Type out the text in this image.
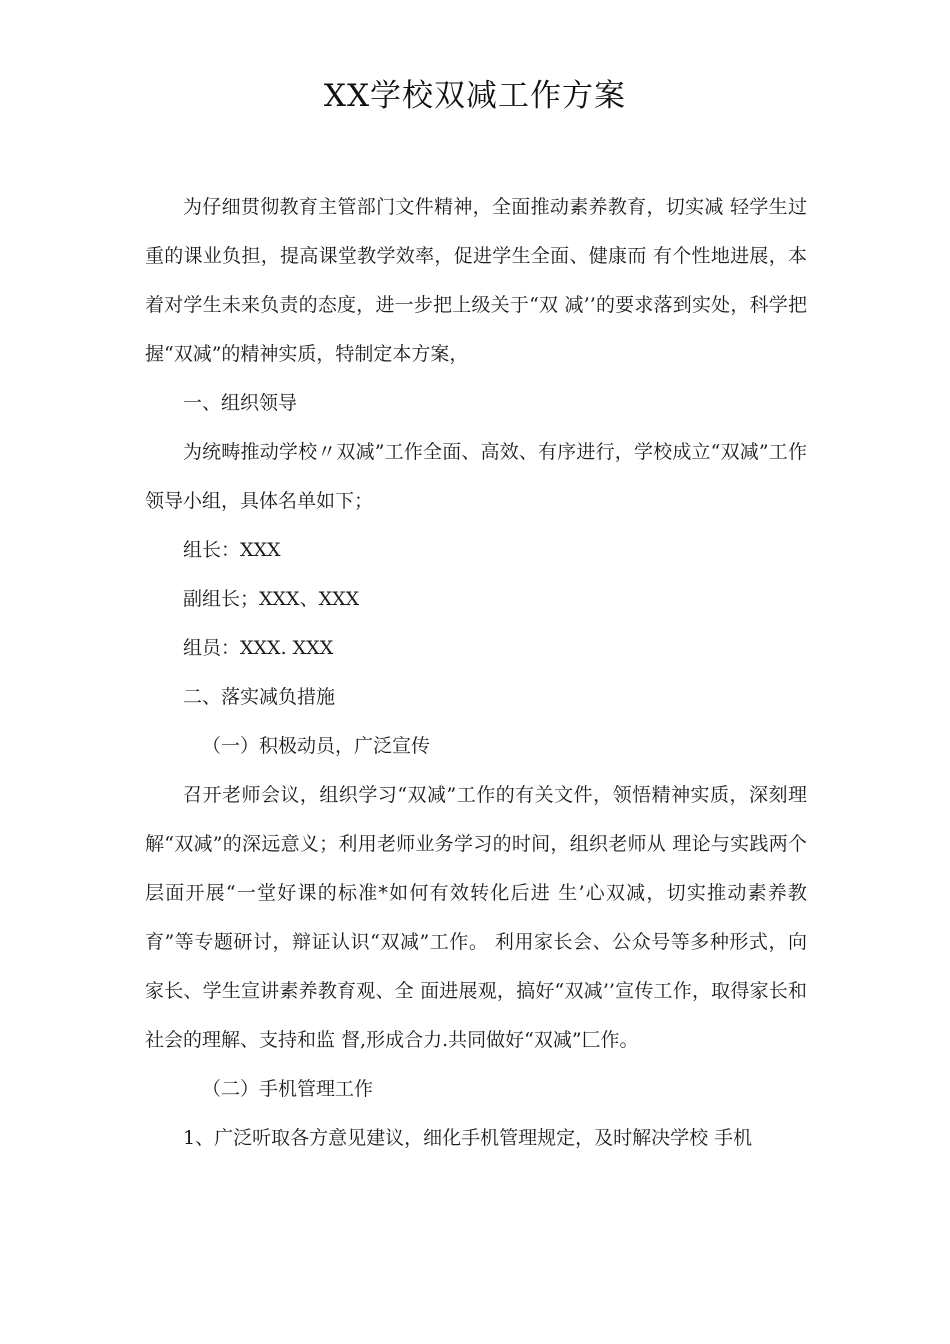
XX学校双减工作方案

为仔细贯彻教育主管部门文件精神，全面推动素养教育，切实减 轻学生过重的课业负担，提高课堂教学效率，促进学生全面、健康而 有个性地进展，本着对学生未来负责的态度，进一步把上级关于“双 减’’的要求落到实处，科学把握“双减”的精神实质，特制定本方案，

一、组织领导

为统畴推动学校〃双减”工作全面、高效、有序进行，学校成立“双减”工作领导小组，具体名单如下；

组长：XXX

副组长；XXX、XXX

组员：XXX. XXX

二、落实减负措施

（一）积极动员，广泛宣传

召开老师会议，组织学习“双减”工作的有关文件，领悟精神实质，深刻理解“双减”的深远意义；利用老师业务学习的时间，组织老师从 理论与实践两个层面开展“一堂好课的标准*如何有效转化后进 生’心双减，切实推动素养教育”等专题研讨，辩证认识“双减”工作。 利用家长会、公众号等多种形式，向家长、学生宣讲素养教育观、全 面进展观，搞好“双减’’宣传工作，取得家长和社会的理解、支持和监 督,形成合力.共同做好“双减”匚作。

（二）手机管理工作

1、广泛听取各方意见建议，细化手机管理规定，及时解决学校 手机
